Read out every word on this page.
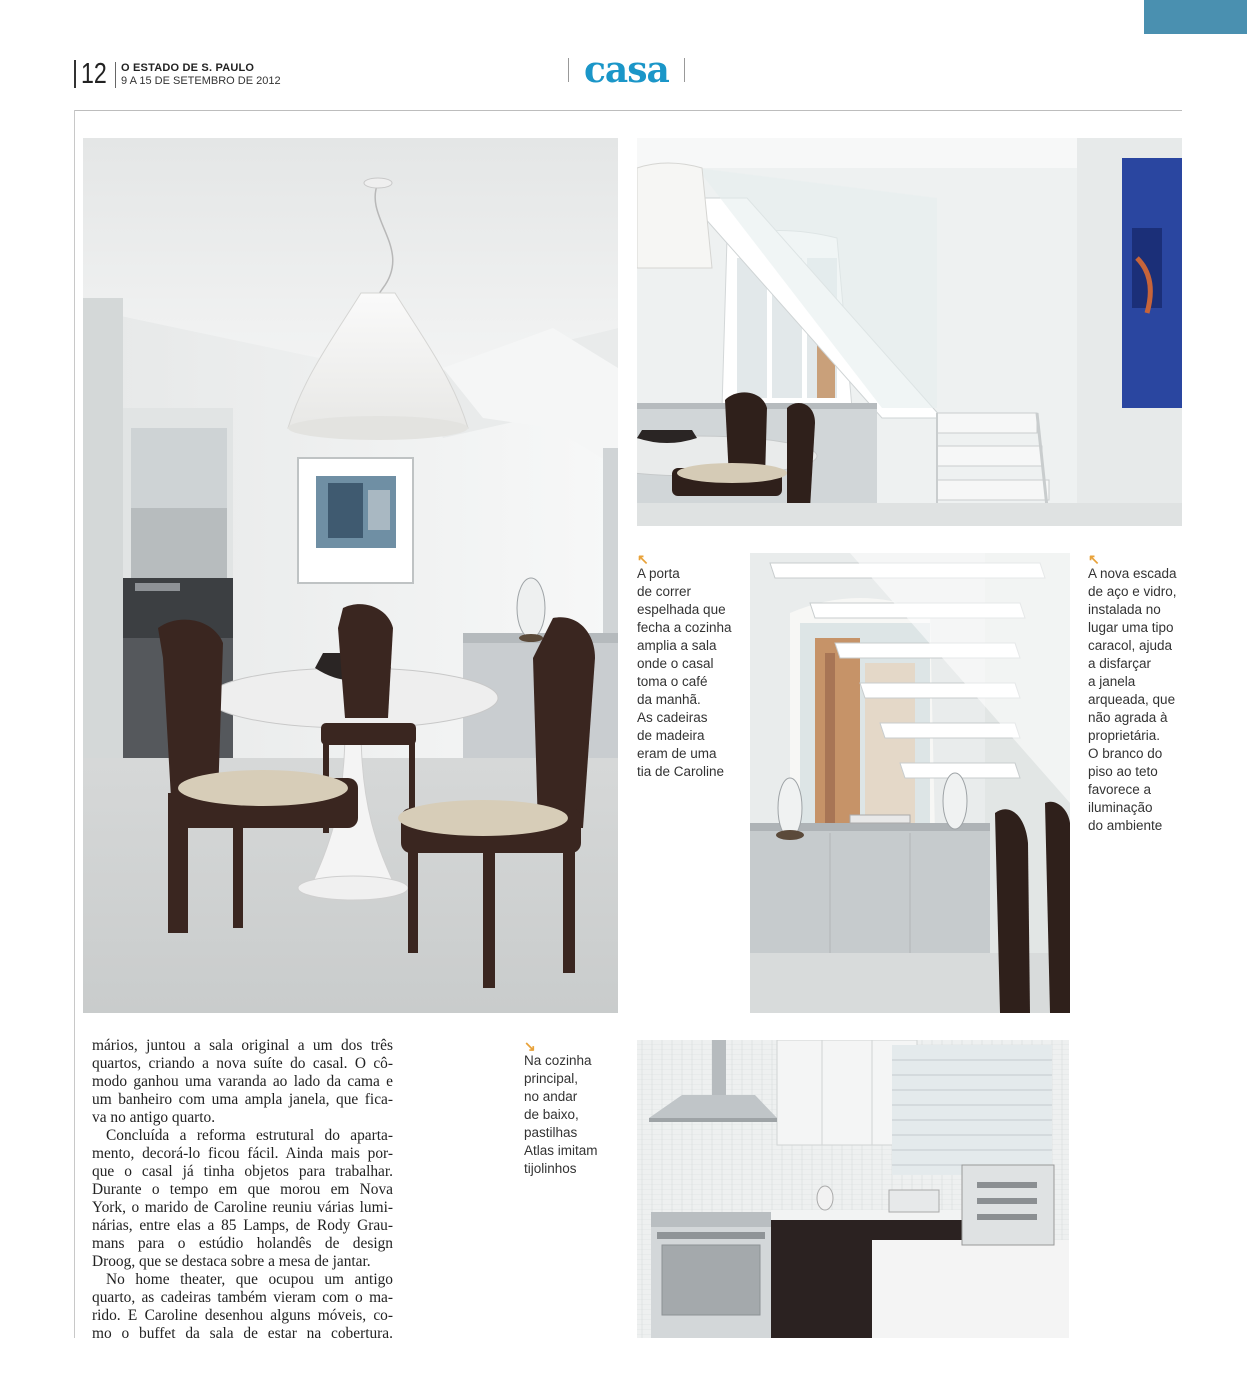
12 O ESTADO DE S. PAULO
9 A 15 DE SETEMBRO DE 2012	casa
↖
A porta
de correr
espelhada que
fecha a cozinha
amplia a sala
onde o casal
toma o café
da manhã.
As cadeiras
de madeira
eram de uma
tia de Caroline
↖
A nova escada
de aço e vidro,
instalada no
lugar uma tipo
caracol, ajuda
a disfarçar
a janela
arqueada, que
não agrada à
proprietária.
O branco do
piso ao teto
favorece a
iluminação
do ambiente
↘
Na cozinha
principal,
no andar
de baixo,
pastilhas
Atlas imitam
tijolinhos
mários, juntou a sala original a um dos três
quartos, criando a nova suíte do casal. O cô-
modo ganhou uma varanda ao lado da cama e
um banheiro com uma ampla janela, que fica-
va no antigo quarto.
Concluída a reforma estrutural do aparta-
mento, decorá-lo ficou fácil. Ainda mais por-
que o casal já tinha objetos para trabalhar.
Durante o tempo em que morou em Nova
York, o marido de Caroline reuniu várias lumi-
nárias, entre elas a 85 Lamps, de Rody Grau-
mans para o estúdio holandês de design
Droog, que se destaca sobre a mesa de jantar.
No home theater, que ocupou um antigo
quarto, as cadeiras também vieram com o ma-
rido. E Caroline desenhou alguns móveis, co-
mo o buffet da sala de estar na cobertura.
